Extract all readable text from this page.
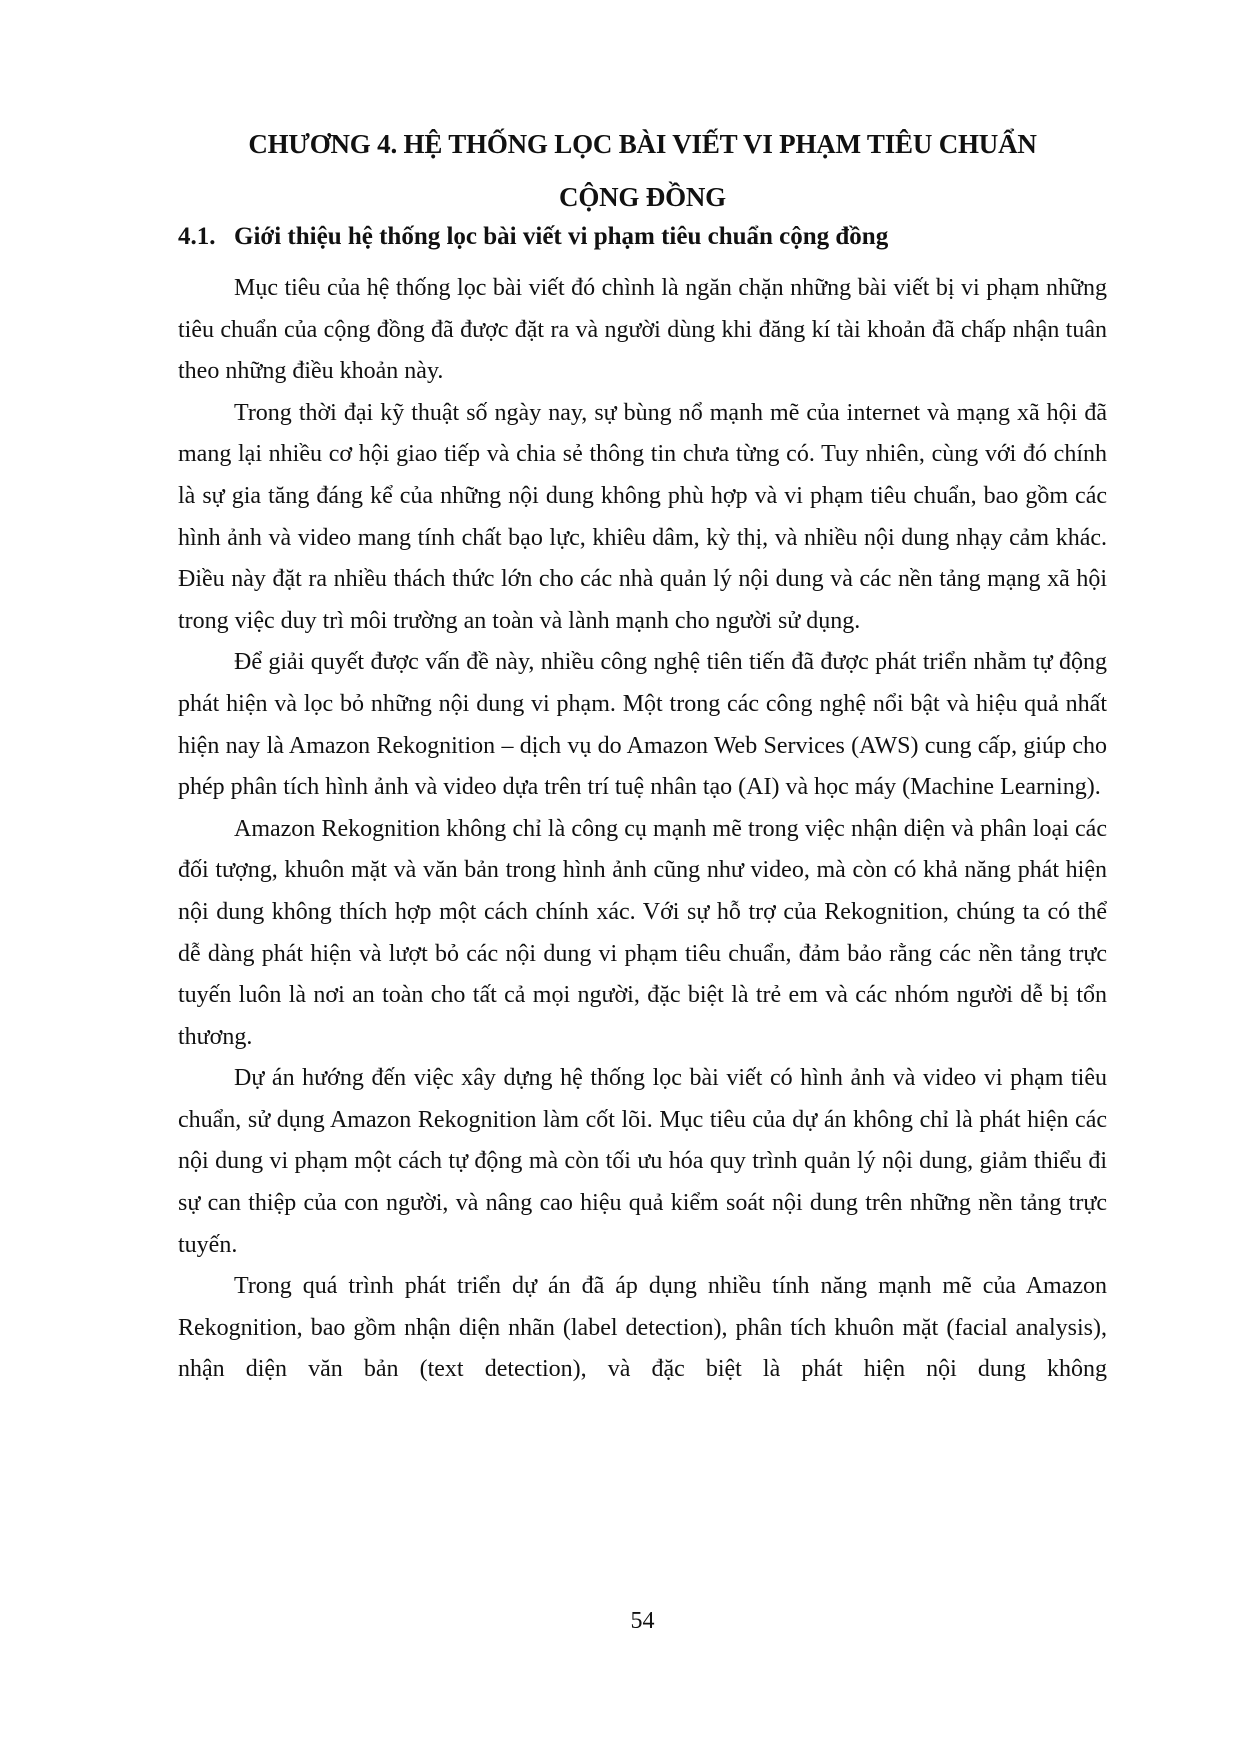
CHƯƠNG 4. HỆ THỐNG LỌC BÀI VIẾT VI PHẠM TIÊU CHUẨN
CỘNG ĐỒNG
4.1. Giới thiệu hệ thống lọc bài viết vi phạm tiêu chuẩn cộng đồng

Mục tiêu của hệ thống lọc bài viết đó chình là ngăn chặn những bài viết bị vi phạm những tiêu chuẩn của cộng đồng đã được đặt ra và người dùng khi đăng kí tài khoản đã chấp nhận tuân theo những điều khoản này.

Trong thời đại kỹ thuật số ngày nay, sự bùng nổ mạnh mẽ của internet và mạng xã hội đã mang lại nhiều cơ hội giao tiếp và chia sẻ thông tin chưa từng có. Tuy nhiên, cùng với đó chính là sự gia tăng đáng kể của những nội dung không phù hợp và vi phạm tiêu chuẩn, bao gồm các hình ảnh và video mang tính chất bạo lực, khiêu dâm, kỳ thị, và nhiều nội dung nhạy cảm khác. Điều này đặt ra nhiều thách thức lớn cho các nhà quản lý nội dung và các nền tảng mạng xã hội trong việc duy trì môi trường an toàn và lành mạnh cho người sử dụng.

Để giải quyết được vấn đề này, nhiều công nghệ tiên tiến đã được phát triển nhằm tự động phát hiện và lọc bỏ những nội dung vi phạm. Một trong các công nghệ nổi bật và hiệu quả nhất hiện nay là Amazon Rekognition – dịch vụ do Amazon Web Services (AWS) cung cấp, giúp cho phép phân tích hình ảnh và video dựa trên trí tuệ nhân tạo (AI) và học máy (Machine Learning).

Amazon Rekognition không chỉ là công cụ mạnh mẽ trong việc nhận diện và phân loại các đối tượng, khuôn mặt và văn bản trong hình ảnh cũng như video, mà còn có khả năng phát hiện nội dung không thích hợp một cách chính xác. Với sự hỗ trợ của Rekognition, chúng ta có thể dễ dàng phát hiện và lượt bỏ các nội dung vi phạm tiêu chuẩn, đảm bảo rằng các nền tảng trực tuyến luôn là nơi an toàn cho tất cả mọi người, đặc biệt là trẻ em và các nhóm người dễ bị tổn thương.

Dự án hướng đến việc xây dựng hệ thống lọc bài viết có hình ảnh và video vi phạm tiêu chuẩn, sử dụng Amazon Rekognition làm cốt lõi. Mục tiêu của dự án không chỉ là phát hiện các nội dung vi phạm một cách tự động mà còn tối ưu hóa quy trình quản lý nội dung, giảm thiểu đi sự can thiệp của con người, và nâng cao hiệu quả kiểm soát nội dung trên những nền tảng trực tuyến.

Trong quá trình phát triển dự án đã áp dụng nhiều tính năng mạnh mẽ của Amazon Rekognition, bao gồm nhận diện nhãn (label detection), phân tích khuôn mặt (facial analysis), nhận diện văn bản (text detection), và đặc biệt là phát hiện nội dung không

54
